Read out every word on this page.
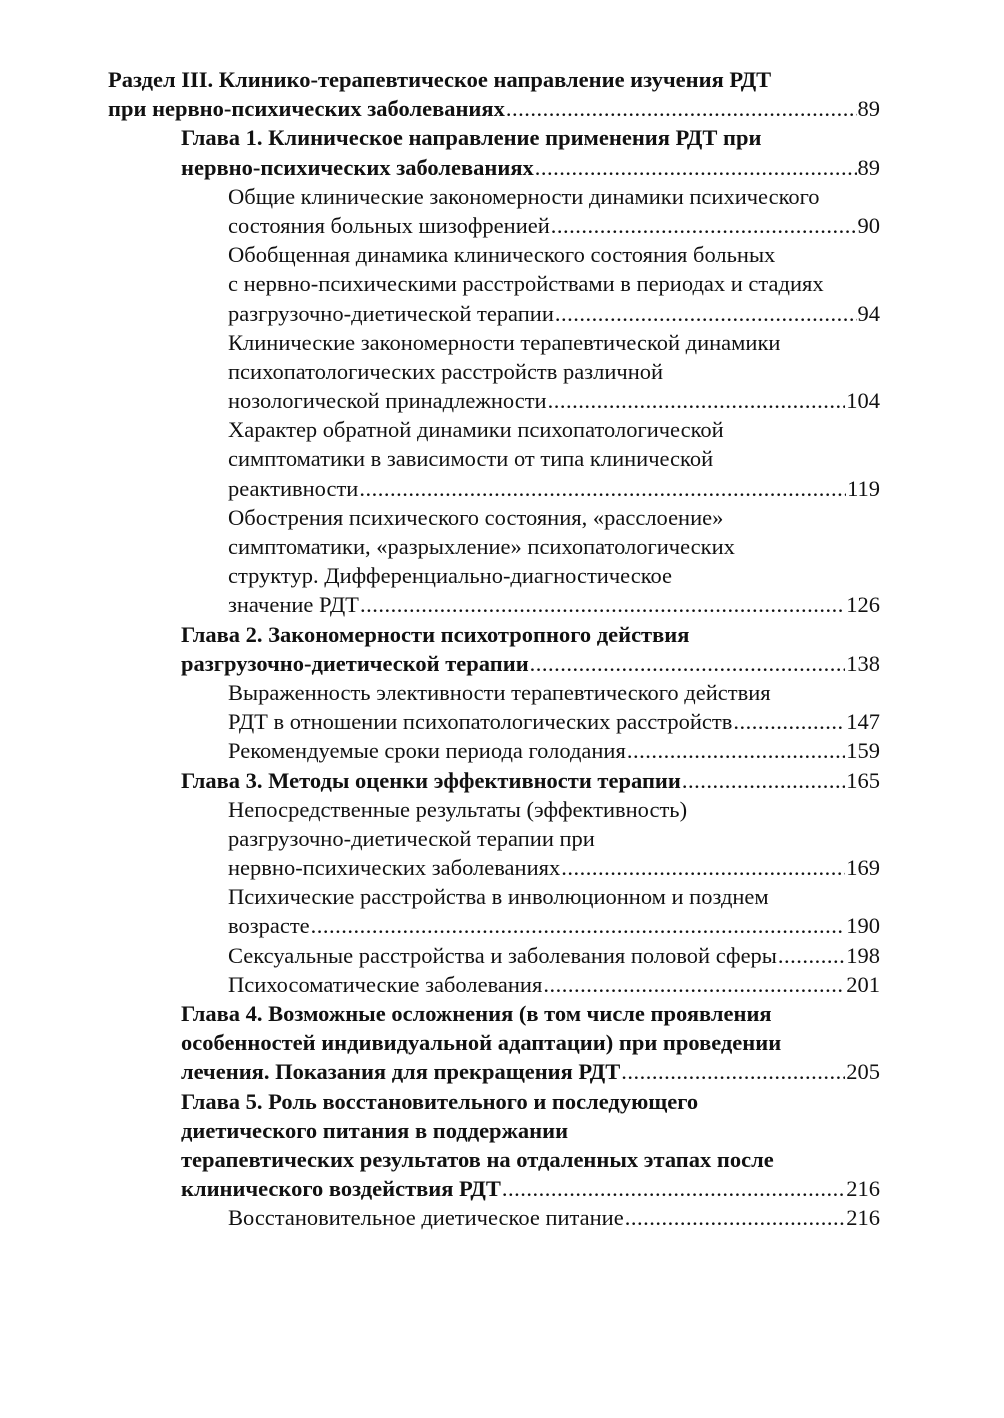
Раздел III. Клинико-терапевтическое направление изучения РДТ
при нервно-психических заболеваниях .....	89
Глава 1. Клиническое направление применения РДТ при
нервно-психических заболеваниях .....	89
Общие клинические закономерности динамики психического
состояния больных шизофренией .....	90
Обобщенная динамика клинического состояния больных
с нервно-психическими расстройствами в периодах и стадиях
разгрузочно-диетической терапии .....	94
Клинические закономерности терапевтической динамики
психопатологических расстройств различной
нозологической принадлежности .....	104
Характер обратной динамики психопатологической
симптоматики в зависимости от типа клинической
реактивности .....	119
Обострения психического состояния, «расслоение»
симптоматики, «разрыхление» психопатологических
структур. Дифференциально-диагностическое
значение РДТ .....	126
Глава 2. Закономерности психотропного действия
разгрузочно-диетической терапии .....	138
Выраженность элективности терапевтического действия
РДТ в отношении психопатологических расстройств .....	147
Рекомендуемые сроки периода голодания .....	159
Глава 3. Методы оценки эффективности терапии .....	165
Непосредственные результаты (эффективность)
разгрузочно-диетической терапии при
нервно-психических заболеваниях .....	169
Психические расстройства в инволюционном и позднем
возрасте .....	190
Сексуальные расстройства и заболевания половой сферы .....	198
Психосоматические заболевания .....	201
Глава 4. Возможные осложнения (в том числе проявления
особенностей индивидуальной адаптации) при проведении
лечения. Показания для прекращения РДТ .....	205
Глава 5. Роль восстановительного и последующего
диетического питания в поддержании
терапевтических результатов на отдаленных этапах после
клинического воздействия РДТ .....	216
Восстановительное диетическое питание .....	216
